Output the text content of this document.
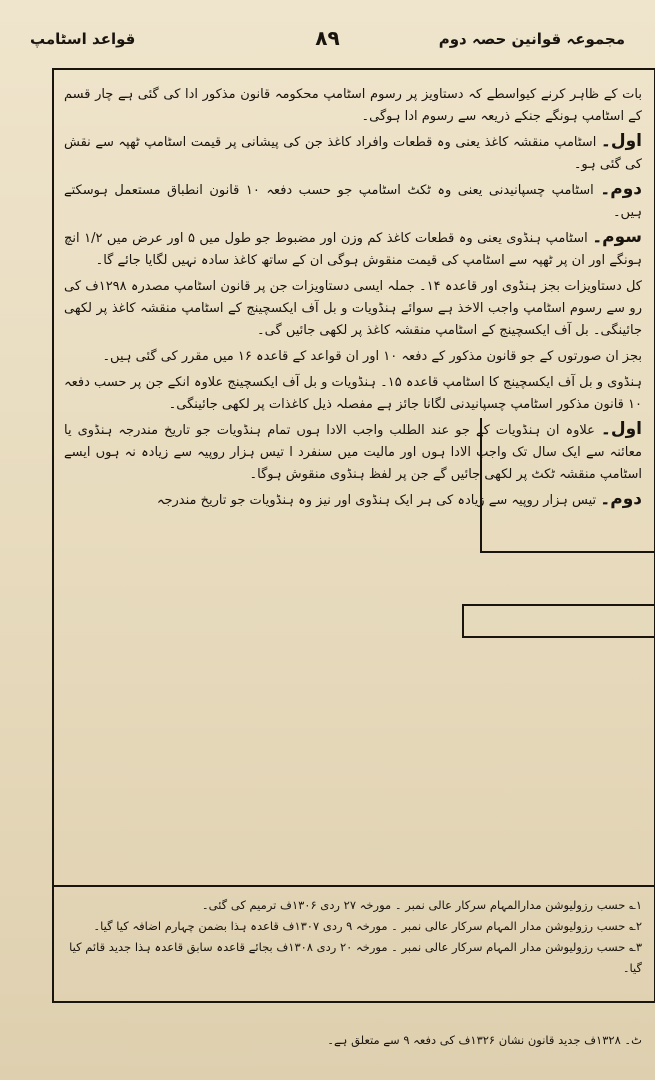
مجموعہ قوانین حصہ دوم
۸۹
قواعد اسٹامپ

بات کے ظاہر کرنے کیواسطے کہ دستاویز پر رسوم اسٹامپ محکومہ قانون مذکور ادا کی گئی ہے چار قسم کے اسٹامپ ہونگے جنکے ذریعہ سے رسوم ادا ہوگی۔

اول۔ اسٹامپ منقشہ کاغذ یعنی وہ قطعات وافراد کاغذ جن کی پیشانی پر قیمت اسٹامپ ٹھپہ سے نقش کی گئی ہو۔

دوم۔ اسٹامپ چسپانیدنی یعنی وہ ٹکٹ اسٹامپ جو حسب دفعہ ۱۰ قانون انطباق مستعمل ہوسکتے ہیں۔

سوم۔ اسٹامپ ہنڈوی یعنی وہ قطعات کاغذ کم وزن اور مضبوط جو طول میں ۵ اور عرض میں ۱/۲ انچ ہونگے اور ان پر ٹھپہ سے اسٹامپ کی قیمت منقوش ہوگی ان کے ساتھ کاغذ سادہ نہیں لگایا جائے گا۔

کل دستاویزات بجز ہنڈوی اور قاعدہ ۱۴۔ جملہ ایسی دستاویزات جن پر قانون اسٹامپ مصدرہ ۱۲۹۸ف کی رو سے رسوم اسٹامپ واجب الاخذ ہے سوائے ہنڈویات و بل آف ایکسچینج کے اسٹامپ منقشہ کاغذ پر لکھی جائینگی۔ بل آف ایکسچینج کے اسٹامپ منقشہ کاغذ پر لکھی جائیں گی۔

بجز ان صورتوں کے جو قانون مذکور کے دفعہ ۱۰ اور ان قواعد کے قاعدہ ۱۶ میں مقرر کی گئی ہیں۔

ہنڈوی و بل آف ایکسچینج کا اسٹامپ قاعدہ ۱۵۔ ہنڈویات و بل آف ایکسچینج علاوہ انکے جن پر حسب دفعہ ۱۰ قانون مذکور اسٹامپ چسپانیدنی لگانا جائز ہے مفصلہ ذیل کاغذات پر لکھی جائینگی۔

اول۔ علاوہ ان ہنڈویات کے جو عند الطلب واجب الادا ہوں تمام ہنڈویات جو تاریخ مندرجہ ہنڈوی یا معائنہ سے ایک سال تک واجب الادا ہوں اور مالیت میں سنفرد ا تیس ہزار روپیہ سے زیادہ نہ ہوں ایسے اسٹامپ منقشہ ٹکٹ پر لکھی جائیں گے جن پر لفظ ہنڈوی منقوش ہوگا۔

دوم۔ تیس ہزار روپیہ سے زیادہ کی ہر ایک ہنڈوی اور نیز وہ ہنڈویات جو تاریخ مندرجہ

۱؎ حسب رزولیوشن مدارالمہام سرکار عالی نمبر ۔ مورخہ ۲۷ ردی ۱۳۰۶ف ترمیم کی گئی۔
۲؎ حسب رزولیوشن مدار المہام سرکار عالی نمبر ۔ مورخہ ۹ ردی ۱۳۰۷ف قاعدہ ہذا بضمن چہارم اضافہ کیا گیا۔
۳؎ حسب رزولیوشن مدار المہام سرکار عالی نمبر ۔ مورخہ ۲۰ ردی ۱۳۰۸ف بجائے قاعدہ سابق قاعدہ ہذا جدید قائم کیا گیا۔
ٹ۔ ۱۳۲۸ف جدید قانون نشان ۱۳۲۶ف کی دفعہ ۹ سے متعلق ہے۔
